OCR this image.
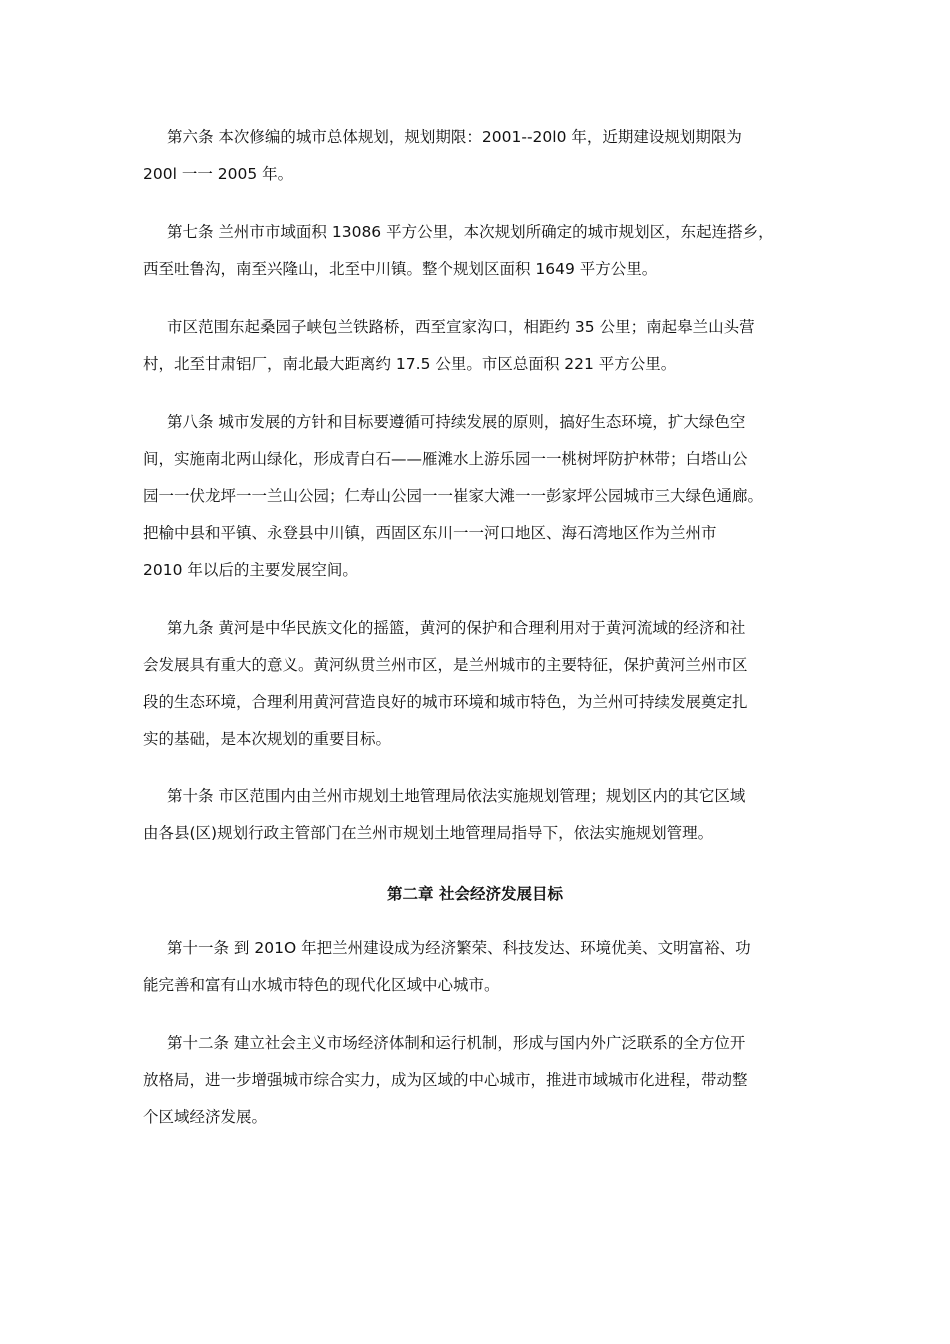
第六条 本次修编的城市总体规划，规划期限：2001--20l0 年，近期建设规划期限为
200l 一一 2005 年。

第七条 兰州市市域面积 13086 平方公里，本次规划所确定的城市规划区，东起连搭乡，
西至吐鲁沟，南至兴隆山，北至中川镇。整个规划区面积 1649 平方公里。

市区范围东起桑园子峡包兰铁路桥，西至宣家沟口，相距约 35 公里；南起皋兰山头营
村，北至甘肃铝厂，南北最大距离约 17.5 公里。市区总面积 221 平方公里。

第八条 城市发展的方针和目标要遵循可持续发展的原则，搞好生态环境，扩大绿色空
间，实施南北两山绿化，形成青白石——雁滩水上游乐园一一桃树坪防护林带；白塔山公
园一一伏龙坪一一兰山公园；仁寿山公园一一崔家大滩一一彭家坪公园城市三大绿色通廊。
把榆中县和平镇、永登县中川镇，西固区东川一一河口地区、海石湾地区作为兰州市
2010 年以后的主要发展空间。

第九条 黄河是中华民族文化的摇篮，黄河的保护和合理利用对于黄河流域的经济和社
会发展具有重大的意义。黄河纵贯兰州市区，是兰州城市的主要特征，保护黄河兰州市区
段的生态环境，合理利用黄河营造良好的城市环境和城市特色，为兰州可持续发展奠定扎
实的基础，是本次规划的重要目标。

第十条 市区范围内由兰州市规划土地管理局依法实施规划管理；规划区内的其它区域
由各县(区)规划行政主管部门在兰州市规划土地管理局指导下，依法实施规划管理。

第二章 社会经济发展目标

第十一条 到 201O 年把兰州建设成为经济繁荣、科技发达、环境优美、文明富裕、功
能完善和富有山水城市特色的现代化区域中心城市。

第十二条 建立社会主义市场经济体制和运行机制，形成与国内外广泛联系的全方位开
放格局，进一步增强城市综合实力，成为区域的中心城市，推进市域城市化进程，带动整
个区域经济发展。
